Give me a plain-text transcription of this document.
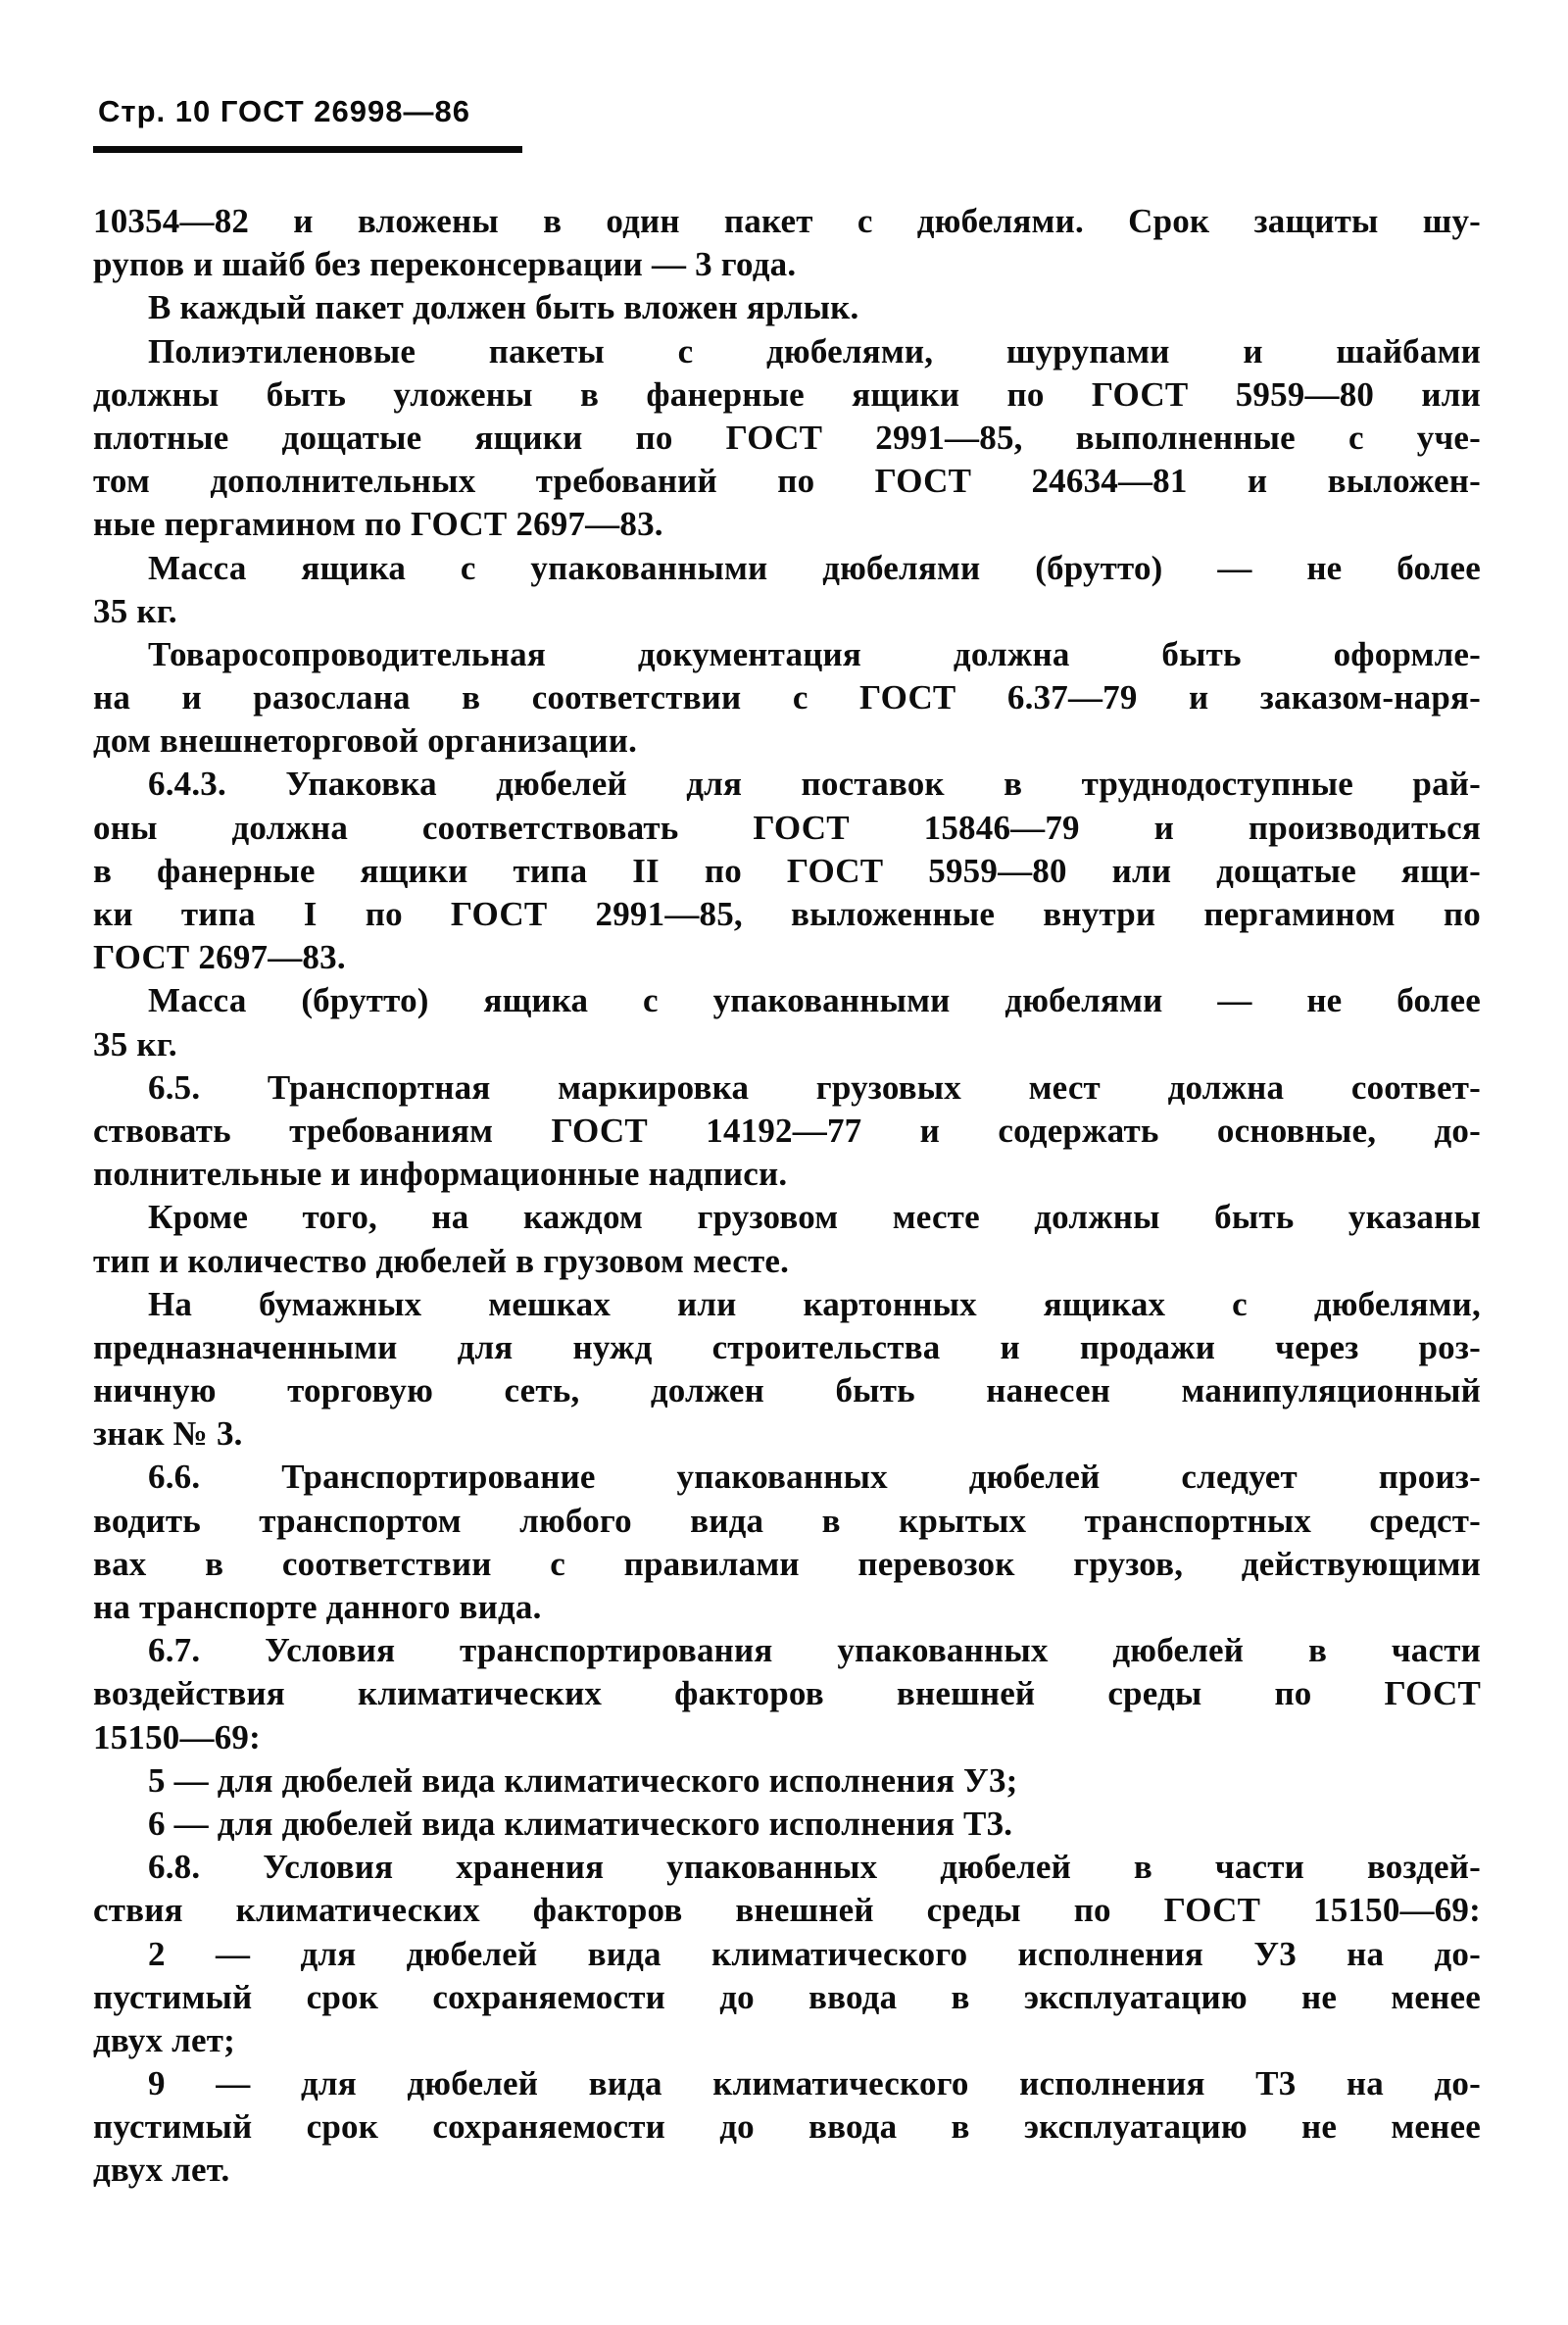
Стр. 10 ГОСТ 26998—86
10354—82 и вложены в один пакет с дюбелями. Срок защиты шу-
рупов и шайб без переконсервации — 3 года.
В каждый пакет должен быть вложен ярлык.
Полиэтиленовые пакеты с дюбелями, шурупами и шайбами
должны быть уложены в фанерные ящики по ГОСТ 5959—80 или
плотные дощатые ящики по ГОСТ 2991—85, выполненные с уче-
том дополнительных требований по ГОСТ 24634—81 и выложен-
ные пергамином по ГОСТ 2697—83.
Масса ящика с упакованными дюбелями (брутто) — не более
35 кг.
Товаросопроводительная документация должна быть оформле-
на и разослана в соответствии с ГОСТ 6.37—79 и заказом-наря-
дом внешнеторговой организации.
6.4.3. Упаковка дюбелей для поставок в труднодоступные рай-
оны должна соответствовать ГОСТ 15846—79 и производиться
в фанерные ящики типа II по ГОСТ 5959—80 или дощатые ящи-
ки типа I по ГОСТ 2991—85, выложенные внутри пергамином по
ГОСТ 2697—83.
Масса (брутто) ящика с упакованными дюбелями — не более
35 кг.
6.5. Транспортная маркировка грузовых мест должна соответ-
ствовать требованиям ГОСТ 14192—77 и содержать основные, до-
полнительные и информационные надписи.
Кроме того, на каждом грузовом месте должны быть указаны
тип и количество дюбелей в грузовом месте.
На бумажных мешках или картонных ящиках с дюбелями,
предназначенными для нужд строительства и продажи через роз-
ничную торговую сеть, должен быть нанесен манипуляционный
знак № 3.
6.6. Транспортирование упакованных дюбелей следует произ-
водить транспортом любого вида в крытых транспортных средст-
вах в соответствии с правилами перевозок грузов, действующими
на транспорте данного вида.
6.7. Условия транспортирования упакованных дюбелей в части
воздействия климатических факторов внешней среды по ГОСТ
15150—69:
5 — для дюбелей вида климатического исполнения У3;
6 — для дюбелей вида климатического исполнения Т3.
6.8. Условия хранения упакованных дюбелей в части воздей-
ствия климатических факторов внешней среды по ГОСТ 15150—69:
2 — для дюбелей вида климатического исполнения У3 на до-
пустимый срок сохраняемости до ввода в эксплуатацию не менее
двух лет;
9 — для дюбелей вида климатического исполнения Т3 на до-
пустимый срок сохраняемости до ввода в эксплуатацию не менее
двух лет.
